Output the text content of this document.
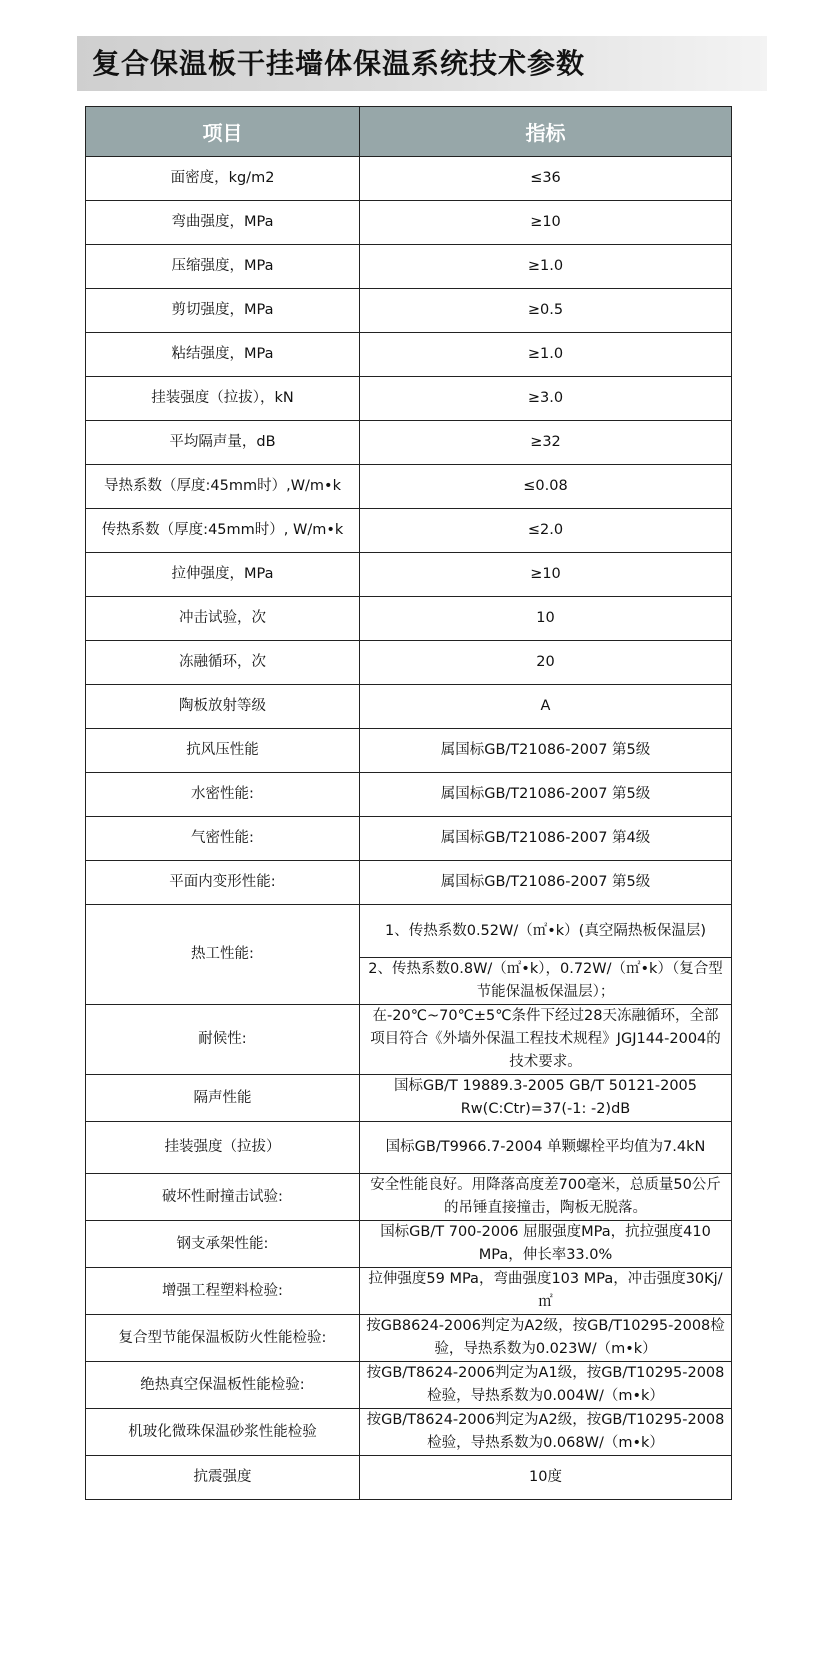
复合保温板干挂墙体保温系统技术参数
项目	指标
面密度，kg/m2	≤36
弯曲强度，MPa	≥10
压缩强度，MPa	≥1.0
剪切强度，MPa	≥0.5
粘结强度，MPa	≥1.0
挂装强度（拉拔），kN	≥3.0
平均隔声量，dB	≥32
导热系数（厚度:45mm时）,W/m•k	≤0.08
传热系数（厚度:45mm时）, W/m•k	≤2.0
拉伸强度，MPa	≥10
冲击试验，次	10
冻融循环，次	20
陶板放射等级	A
抗风压性能	属国标GB/T21086-2007 第5级
水密性能:	属国标GB/T21086-2007 第5级
气密性能:	属国标GB/T21086-2007 第4级
平面内变形性能:	属国标GB/T21086-2007 第5级
热工性能:	1、传热系数0.52W/（㎡•k）(真空隔热板保温层)
	2、传热系数0.8W/（㎡•k），0.72W/（㎡•k）（复合型节能保温板保温层）；
耐候性:	在-20℃~70℃±5℃条件下经过28天冻融循环，全部项目符合《外墙外保温工程技术规程》JGJ144-2004的技术要求。
隔声性能	国标GB/T 19889.3-2005 GB/T 50121-2005 Rw(C:Ctr)=37(-1: -2)dB
挂装强度（拉拔）	国标GB/T9966.7-2004 单颗螺栓平均值为7.4kN
破坏性耐撞击试验:	安全性能良好。用降落高度差700毫米，总质量50公斤的吊锤直接撞击，陶板无脱落。
钢支承架性能:	国标GB/T 700-2006 屈服强度MPa，抗拉强度410 MPa，伸长率33.0%
增强工程塑料检验:	拉伸强度59 MPa，弯曲强度103 MPa，冲击强度30Kj/㎡
复合型节能保温板防火性能检验:	按GB8624-2006判定为A2级，按GB/T10295-2008检验，导热系数为0.023W/（m•k）
绝热真空保温板性能检验:	按GB/T8624-2006判定为A1级，按GB/T10295-2008检验，导热系数为0.004W/（m•k）
机玻化微珠保温砂浆性能检验	按GB/T8624-2006判定为A2级，按GB/T10295-2008检验，导热系数为0.068W/（m•k）
抗震强度	10度
